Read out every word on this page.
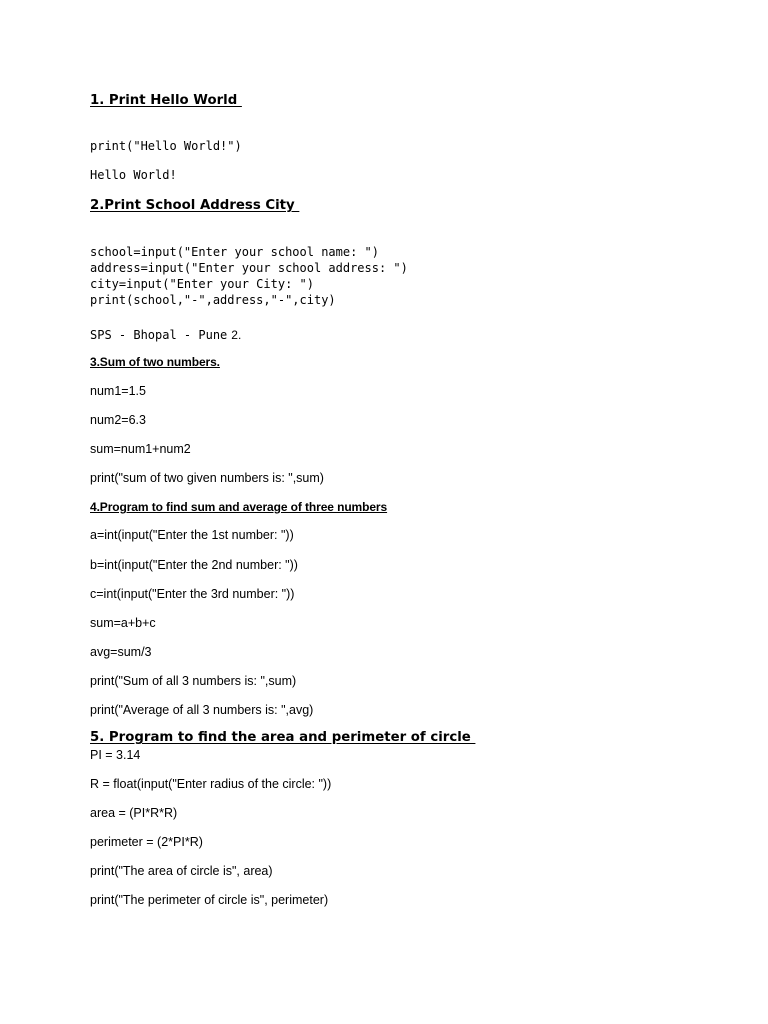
1. Print Hello World
print("Hello World!")
Hello World!
2.Print School Address City
school=input("Enter your school name: ")
address=input("Enter your school address: ")
city=input("Enter your City: ")
print(school,"-",address,"-",city)
SPS - Bhopal - Pune 2.
3.Sum of two numbers.
num1=1.5
num2=6.3
sum=num1+num2
print("sum of two given numbers is: ",sum)
4.Program to find sum and average of three numbers
a=int(input("Enter the 1st number: "))
b=int(input("Enter the 2nd number: "))
c=int(input("Enter the 3rd number: "))
sum=a+b+c
avg=sum/3
print("Sum of all 3 numbers is: ",sum)
print("Average of all 3 numbers is: ",avg)
5. Program to find the area and perimeter of circle
PI = 3.14
R = float(input("Enter radius of the circle: "))
area = (PI*R*R)
perimeter = (2*PI*R)
print("The area of circle is", area)
print("The perimeter of circle is", perimeter)
